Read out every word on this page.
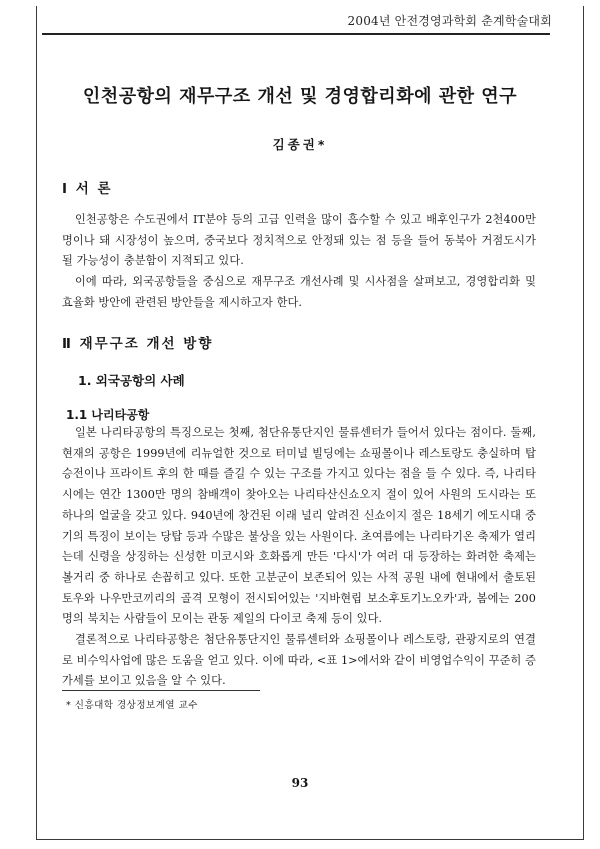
2004년 안전경영과학회 춘계학술대회
인천공항의 재무구조 개선 및 경영합리화에 관한 연구
김종권*
Ⅰ 서 론

인천공항은 수도권에서 IT분야 등의 고급 인력을 많이 흡수할 수 있고 배후인구가 2천400만명이나 돼 시장성이 높으며, 중국보다 정치적으로 안정돼 있는 점 등을 들어 동북아 거점도시가 될 가능성이 충분함이 지적되고 있다.

이에 따라, 외국공항들을 중심으로 재무구조 개선사례 및 시사점을 살펴보고, 경영합리화 및 효율화 방안에 관련된 방안들을 제시하고자 한다.

Ⅱ 재무구조 개선 방향
1. 외국공항의 사례
1.1 나리타공항

일본 나리타공항의 특징으로는 첫째, 첨단유통단지인 물류센터가 들어서 있다는 점이다. 둘째, 현재의 공항은 1999년에 리뉴얼한 것으로 터미널 빌딩에는 쇼핑몰이나 레스토랑도 충실하며 탑승전이나 프라이트 후의 한 때를 즐길 수 있는 구조를 가지고 있다는 점을 들 수 있다. 즉, 나리타 시에는 연간 1300만 명의 참배객이 찾아오는 나리타산신쇼오지 절이 있어 사원의 도시라는 또 하나의 얼굴을 갖고 있다. 940년에 창건된 이래 널리 알려진 신쇼이지 절은 18세기 에도시대 중기의 특징이 보이는 당탑 등과 수많은 불상을 있는 사원이다. 초여름에는 나리타기온 축제가 열리는데 신령을 상징하는 신성한 미코시와 호화롭게 만든 '다시'가 여러 대 등장하는 화려한 축제는 볼거리 중 하나로 손꼽히고 있다. 또한 고분군이 보존되어 있는 사적 공원 내에 현내에서 출토된 토우와 나우만코끼리의 골격 모형이 전시되어있는 '지바현립 보소후토기노오카'과, 봄에는 200명의 북치는 사람들이 모이는 관동 제일의 다이코 축제 등이 있다.

결론적으로 나리타공항은 첨단유통단지인 물류센터와 쇼핑몰이나 레스토랑, 관광지로의 연결로 비수익사업에 많은 도움을 얻고 있다. 이에 따라, <표 1>에서와 같이 비영업수익이 꾸준히 증가세를 보이고 있음을 알 수 있다.

* 신흥대학 경상정보계열 교수
93
